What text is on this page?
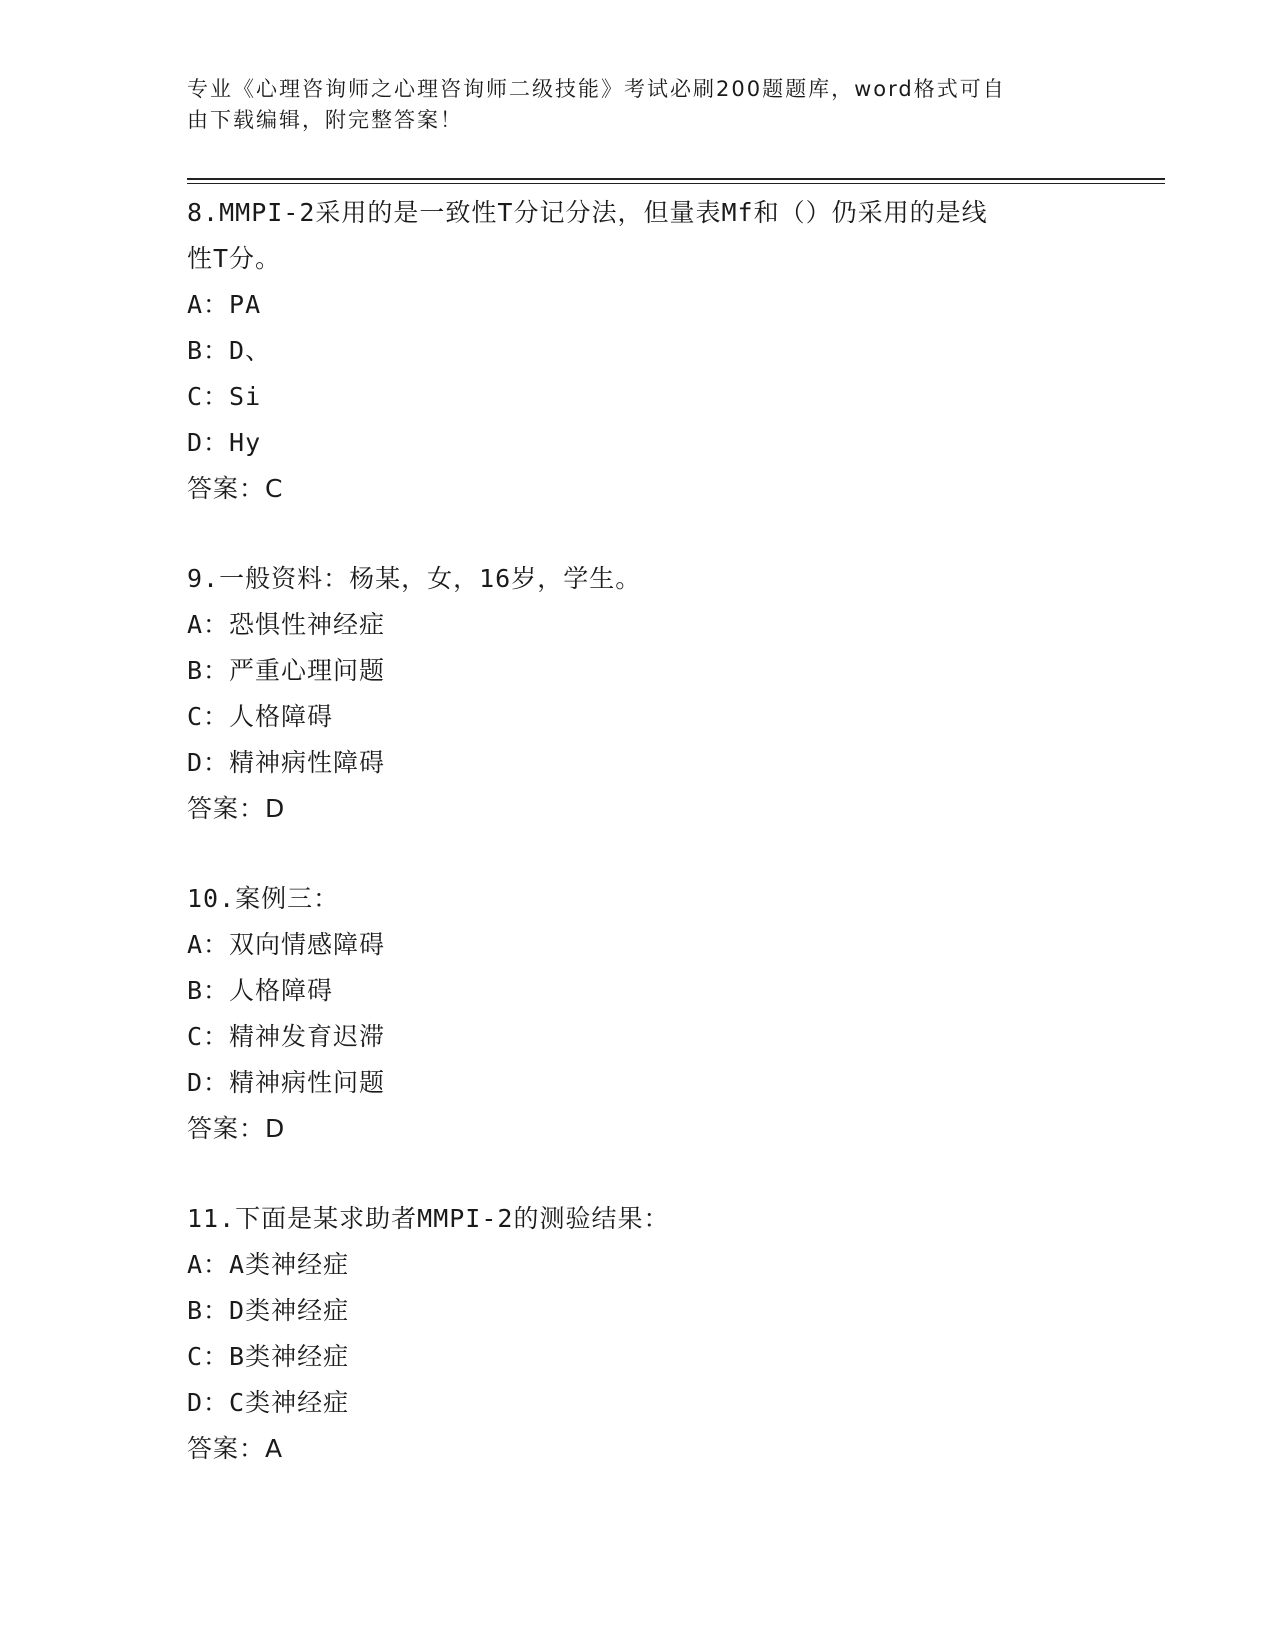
专业《心理咨询师之心理咨询师二级技能》考试必刷200题题库，word格式可自
由下载编辑，附完整答案！
8.MMPI-2采用的是一致性T分记分法，但量表Mf和（）仍采用的是线
性T分。
A：PA
B：D、
C：Si
D：Hy
答案：C
9.一般资料：杨某，女，16岁，学生。
A：恐惧性神经症
B：严重心理问题
C：人格障碍
D：精神病性障碍
答案：D
10.案例三：
A：双向情感障碍
B：人格障碍
C：精神发育迟滞
D：精神病性问题
答案：D
11.下面是某求助者MMPI-2的测验结果：
A：A类神经症
B：D类神经症
C：B类神经症
D：C类神经症
答案：A
